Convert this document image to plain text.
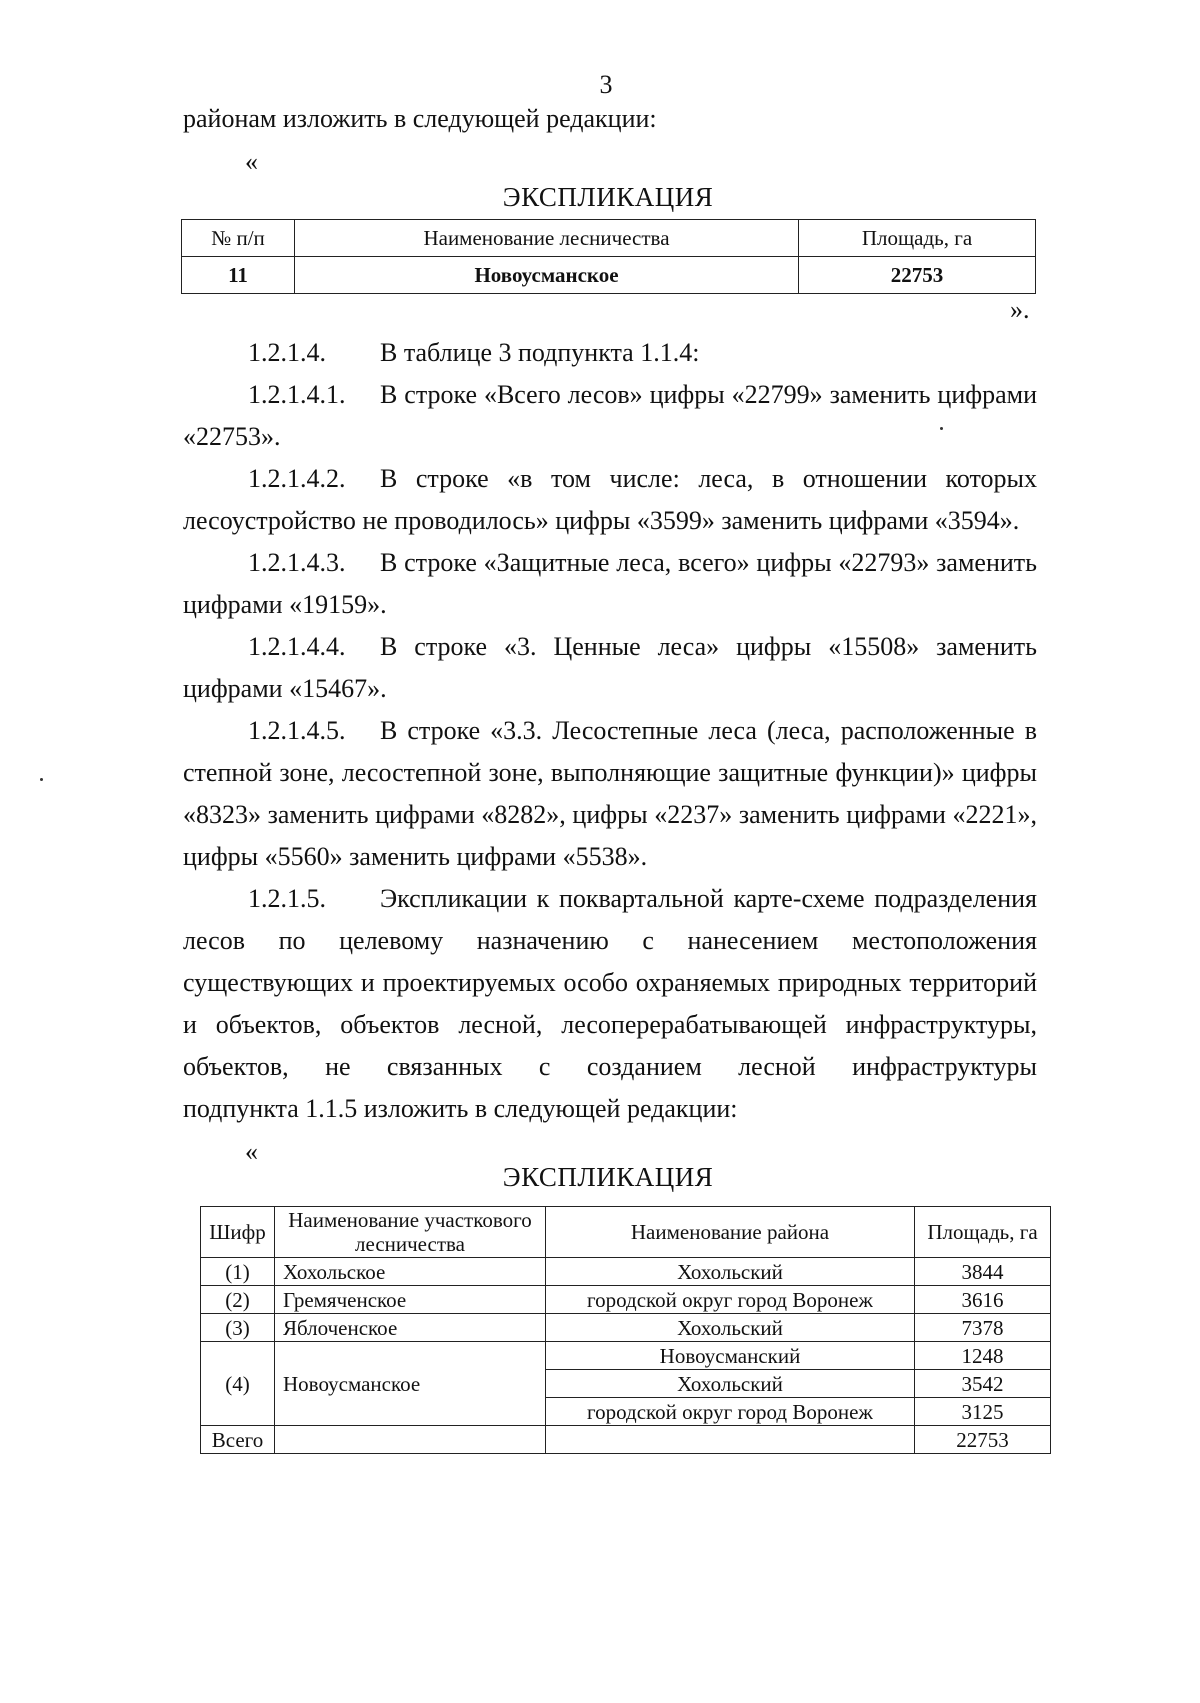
3
районам изложить в следующей редакции:
«
ЭКСПЛИКАЦИЯ
№ п/п	Наименование лесничества	Площадь, га
11	Новоусманское	22753
».
1.2.1.4. В таблице 3 подпункта 1.1.4:
1.2.1.4.1. В строке «Всего лесов» цифры «22799» заменить цифрами
«22753».
1.2.1.4.2. В строке «в том числе: леса, в отношении которых
лесоустройство не проводилось» цифры «3599» заменить цифрами «3594».
1.2.1.4.3. В строке «Защитные леса, всего» цифры «22793» заменить
цифрами «19159».
1.2.1.4.4. В строке «3. Ценные леса» цифры «15508» заменить
цифрами «15467».
1.2.1.4.5. В строке «3.3. Лесостепные леса (леса, расположенные в
степной зоне, лесостепной зоне, выполняющие защитные функции)» цифры
«8323» заменить цифрами «8282», цифры «2237» заменить цифрами «2221»,
цифры «5560» заменить цифрами «5538».
1.2.1.5. Экспликации к поквартальной карте-схеме подразделения
лесов по целевому назначению с нанесением местоположения
существующих и проектируемых особо охраняемых природных территорий
и объектов, объектов лесной, лесоперерабатывающей инфраструктуры,
объектов, не связанных с созданием лесной инфраструктуры
подпункта 1.1.5 изложить в следующей редакции:
«
ЭКСПЛИКАЦИЯ
Шифр	Наименование участкового лесничества	Наименование района	Площадь, га
(1)	Хохольское	Хохольский	3844
(2)	Гремяченское	городской округ город Воронеж	3616
(3)	Яблоченское	Хохольский	7378
(4)	Новоусманское	Новоусманский	1248
		Хохольский	3542
		городской округ город Воронеж	3125
Всего			22753
